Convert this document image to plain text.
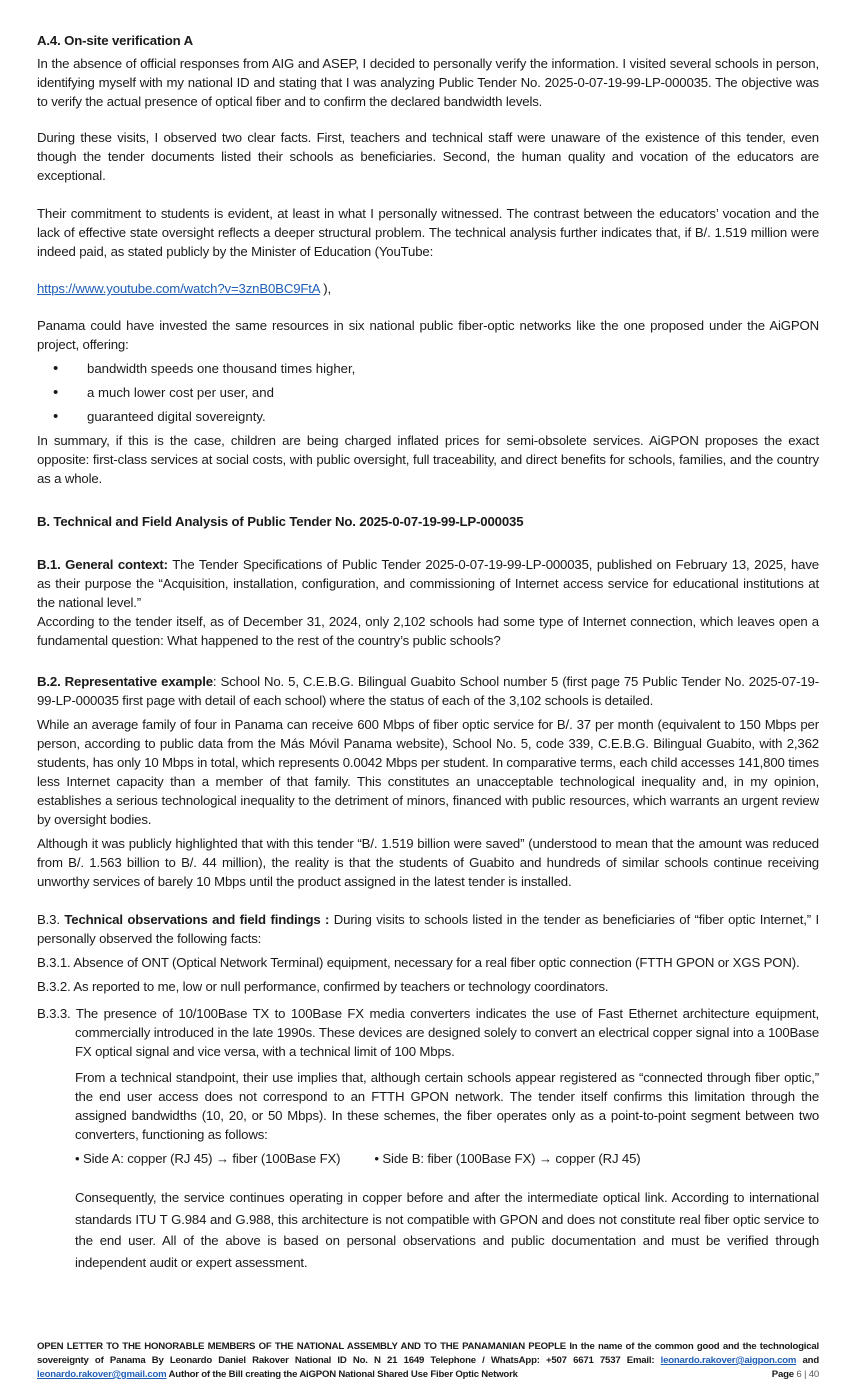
A.4. On-site verification A

In the absence of official responses from AIG and ASEP, I decided to personally verify the information. I visited several schools in person, identifying myself with my national ID and stating that I was analyzing Public Tender No. 2025-0-07-19-99-LP-000035. The objective was to verify the actual presence of optical fiber and to confirm the declared bandwidth levels.

During these visits, I observed two clear facts. First, teachers and technical staff were unaware of the existence of this tender, even though the tender documents listed their schools as beneficiaries. Second, the human quality and vocation of the educators are exceptional.

Their commitment to students is evident, at least in what I personally witnessed. The contrast between the educators’ vocation and the lack of effective state oversight reflects a deeper structural problem. The technical analysis further indicates that, if B/. 1.519 million were indeed paid, as stated publicly by the Minister of Education (YouTube:

https://www.youtube.com/watch?v=3znB0BC9FtA ),

Panama could have invested the same resources in six national public fiber-optic networks like the one proposed under the AiGPON project, offering:

• bandwidth speeds one thousand times higher,
• a much lower cost per user, and
• guaranteed digital sovereignty.

In summary, if this is the case, children are being charged inflated prices for semi-obsolete services. AiGPON proposes the exact opposite: first-class services at social costs, with public oversight, full traceability, and direct benefits for schools, families, and the country as a whole.

B. Technical and Field Analysis of Public Tender No. 2025-0-07-19-99-LP-000035

B.1. General context: The Tender Specifications of Public Tender 2025-0-07-19-99-LP-000035, published on February 13, 2025, have as their purpose the “Acquisition, installation, configuration, and commissioning of Internet access service for educational institutions at the national level.”

According to the tender itself, as of December 31, 2024, only 2,102 schools had some type of Internet connection, which leaves open a fundamental question: What happened to the rest of the country’s public schools?

B.2. Representative example: School No. 5, C.E.B.G. Bilingual Guabito School number 5 (first page 75 Public Tender No. 2025-07-19-99-LP-000035 first page with detail of each school) where the status of each of the 3,102 schools is detailed.

While an average family of four in Panama can receive 600 Mbps of fiber optic service for B/. 37 per month (equivalent to 150 Mbps per person, according to public data from the Más Móvil Panama website), School No. 5, code 339, C.E.B.G. Bilingual Guabito, with 2,362 students, has only 10 Mbps in total, which represents 0.0042 Mbps per student. In comparative terms, each child accesses 141,800 times less Internet capacity than a member of that family. This constitutes an unacceptable technological inequality and, in my opinion, establishes a serious technological inequality to the detriment of minors, financed with public resources, which warrants an urgent review by oversight bodies.

Although it was publicly highlighted that with this tender “B/. 1.519 billion were saved” (understood to mean that the amount was reduced from B/. 1.563 billion to B/. 44 million), the reality is that the students of Guabito and hundreds of similar schools continue receiving unworthy services of barely 10 Mbps until the product assigned in the latest tender is installed.

B.3. Technical observations and field findings : During visits to schools listed in the tender as beneficiaries of “fiber optic Internet,” I personally observed the following facts:

B.3.1. Absence of ONT (Optical Network Terminal) equipment, necessary for a real fiber optic connection (FTTH GPON or XGS PON).

B.3.2. As reported to me, low or null performance, confirmed by teachers or technology coordinators.

B.3.3. The presence of 10/100Base TX to 100Base FX media converters indicates the use of Fast Ethernet architecture equipment, commercially introduced in the late 1990s. These devices are designed solely to convert an electrical copper signal into a 100Base FX optical signal and vice versa, with a technical limit of 100 Mbps.

From a technical standpoint, their use implies that, although certain schools appear registered as “connected through fiber optic,” the end user access does not correspond to an FTTH GPON network. The tender itself confirms this limitation through the assigned bandwidths (10, 20, or 50 Mbps). In these schemes, the fiber operates only as a point-to-point segment between two converters, functioning as follows:

• Side A: copper (RJ 45) → fiber (100Base FX)	• Side B: fiber (100Base FX) → copper (RJ 45)

Consequently, the service continues operating in copper before and after the intermediate optical link. According to international standards ITU T G.984 and G.988, this architecture is not compatible with GPON and does not constitute real fiber optic service to the end user. All of the above is based on personal observations and public documentation and must be verified through independent audit or expert assessment.

OPEN LETTER TO THE HONORABLE MEMBERS OF THE NATIONAL ASSEMBLY AND TO THE PANAMANIAN PEOPLE In the name of the common good and the technological sovereignty of Panama By Leonardo Daniel Rakover National ID No. N 21 1649 Telephone / WhatsApp: +507 6671 7537 Email: leonardo.rakover@aigpon.com and leonardo.rakover@gmail.com Author of the Bill creating the AiGPON National Shared Use Fiber Optic Network	Page 6 | 40
